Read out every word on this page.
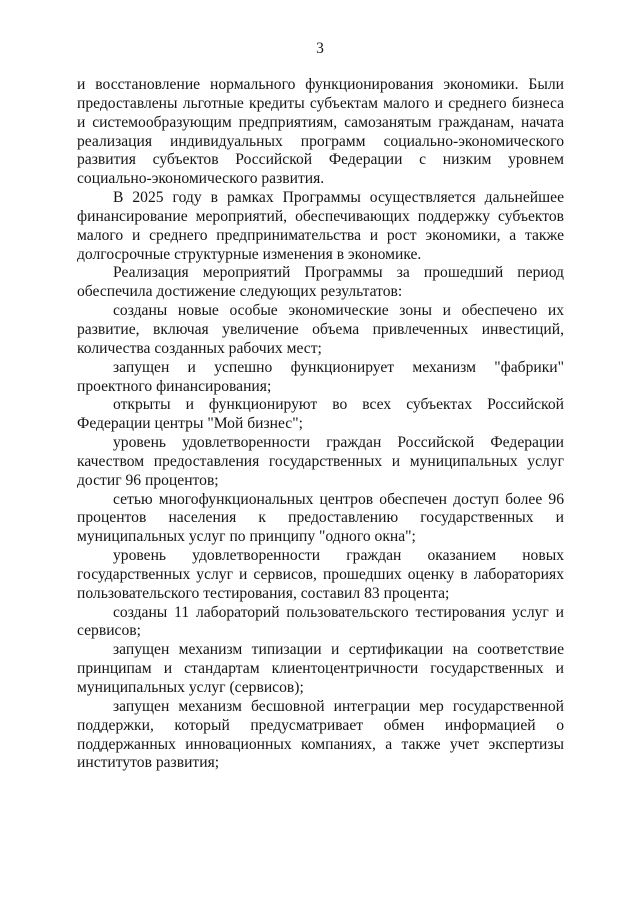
3

и восстановление нормального функционирования экономики. Были предоставлены льготные кредиты субъектам малого и среднего бизнеса и системообразующим предприятиям, самозанятым гражданам, начата реализация индивидуальных программ социально-экономического развития субъектов Российской Федерации с низким уровнем социально-экономического развития.

В 2025 году в рамках Программы осуществляется дальнейшее финансирование мероприятий, обеспечивающих поддержку субъектов малого и среднего предпринимательства и рост экономики, а также долгосрочные структурные изменения в экономике.

Реализация мероприятий Программы за прошедший период обеспечила достижение следующих результатов:

созданы новые особые экономические зоны и обеспечено их развитие, включая увеличение объема привлеченных инвестиций, количества созданных рабочих мест;

запущен и успешно функционирует механизм "фабрики" проектного финансирования;

открыты и функционируют во всех субъектах Российской Федерации центры "Мой бизнес";

уровень удовлетворенности граждан Российской Федерации качеством предоставления государственных и муниципальных услуг достиг 96 процентов;

сетью многофункциональных центров обеспечен доступ более 96 процентов населения к предоставлению государственных и муниципальных услуг по принципу "одного окна";

уровень удовлетворенности граждан оказанием новых государственных услуг и сервисов, прошедших оценку в лабораториях пользовательского тестирования, составил 83 процента;

созданы 11 лабораторий пользовательского тестирования услуг и сервисов;

запущен механизм типизации и сертификации на соответствие принципам и стандартам клиентоцентричности государственных и муниципальных услуг (сервисов);

запущен механизм бесшовной интеграции мер государственной поддержки, который предусматривает обмен информацией о поддержанных инновационных компаниях, а также учет экспертизы институтов развития;
